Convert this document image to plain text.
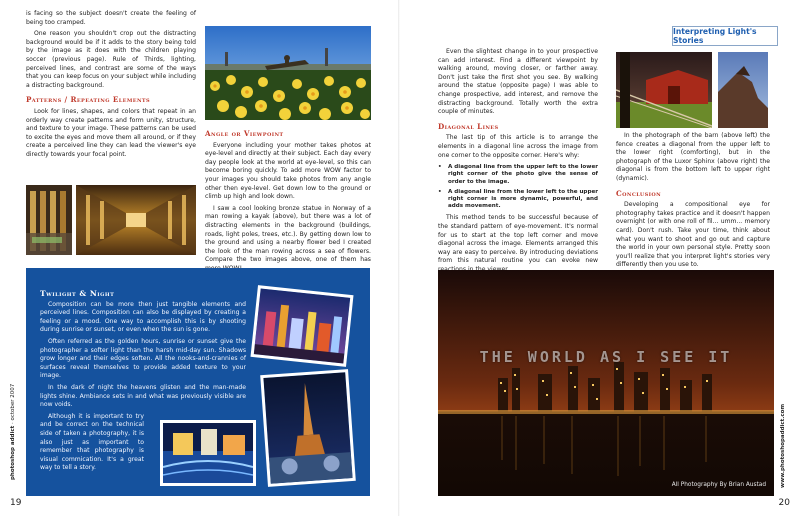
is facing so the subject doesn't create the feeling of being too cramped.

One reason you shouldn't crop out the distracting background would be if it adds to the story being told by the image as it does with the children playing soccer (previous page). Rule of Thirds, lighting, perceived lines, and contrast are some of the ways that you can keep focus on your subject while including a distracting background.

Patterns / Repeating Elements

Look for lines, shapes, and colors that repeat in an orderly way create patterns and form unity, structure, and texture to your image. These patterns can be used to excite the eyes and move them all around, or if they create a perceived line they can lead the viewer's eye directly towards your focal point.

Angle or Viewpoint

Everyone including your mother takes photos at eye-level and directly at their subject. Each day every day people look at the world at eye-level, so this can become boring quickly. To add more WOW factor to your images you should take photos from any angle other then eye-level. Get down low to the ground or climb up high and look down.

I saw a cool looking bronze statue in Norway of a man rowing a kayak (above), but there was a lot of distracting elements in the background (buildings, roads, light poles, trees, etc.). By getting down low to the ground and using a nearby flower bed I created the look of the man rowing across a sea of flowers. Compare the two images above, one of them has

Twilight & Night

Composition can be more then just tangible elements and perceived lines. Composition can also be displayed by creating a feeling or a mood. One way to accomplish this is by shooting during sunrise or sunset, or even when the sun is gone.

Often referred as the golden hours, sunrise or sunset give the photographer a softer light than the harsh mid-day sun. Shadows grow longer and their edges soften. All the nooks-and-crannies of surfaces reveal themselves to provide added texture to your image.

In the dark of night the heavens glisten and the man-made lights shine. Ambiance sets in and what was previously visible are now voids.

Although it is important to try and be correct on the technical side of taken a photography, it is also just as important to remember that photography is visual commication. It's a great way to tell a story.

photoshop addict · october 2007
19

Even the slightest change in to your prospective can add interest. Find a different viewpoint by walking around, moving closer, or farther away. Don't just take the first shot you see. By walking around the statue (opposite page) I was able to change prospective, add interest, and remove the distracting background. Totally worth the extra couple of minutes.

Diagonal Lines

The last tip of this article is to arrange the elements in a diagonal line across the image from one corner to the opposite corner. Here's why:

•	A diagonal line from the upper left to the lower right corner of the photo give the sense of order to the image.
•	A diagonal line from the lower left to the upper right corner is more dynamic, powerful, and adds movement.

This method tends to be successful because of the standard pattern of eye-movement. It's normal for us to start at the top left corner and move diagonal across the image. Elements arranged this way are easy to perceive. By introducing deviations from this natural routine you can evoke new

Interpreting Light's Stories

In the photograph of the barn (above left) the fence creates a diagonal from the upper left to the lower right (comforting), but in the photograph of the Luxor Sphinx (above right) the diagonal is from the bottom left to upper right (dynamic).

Conclusion

Developing a compositional eye for photography takes practice and it doesn't happen overnight (or with one roll of fil... umm... memory card). Don't rush. Take your time, think about what you want to shoot and go out and capture the world in your own personal style. Pretty soon you'll realize that you interpret light's stories very differently then you use to.

THE WORLD AS I SEE IT
All Photography By Brian Austad	www.photoshopaddict.com
20
